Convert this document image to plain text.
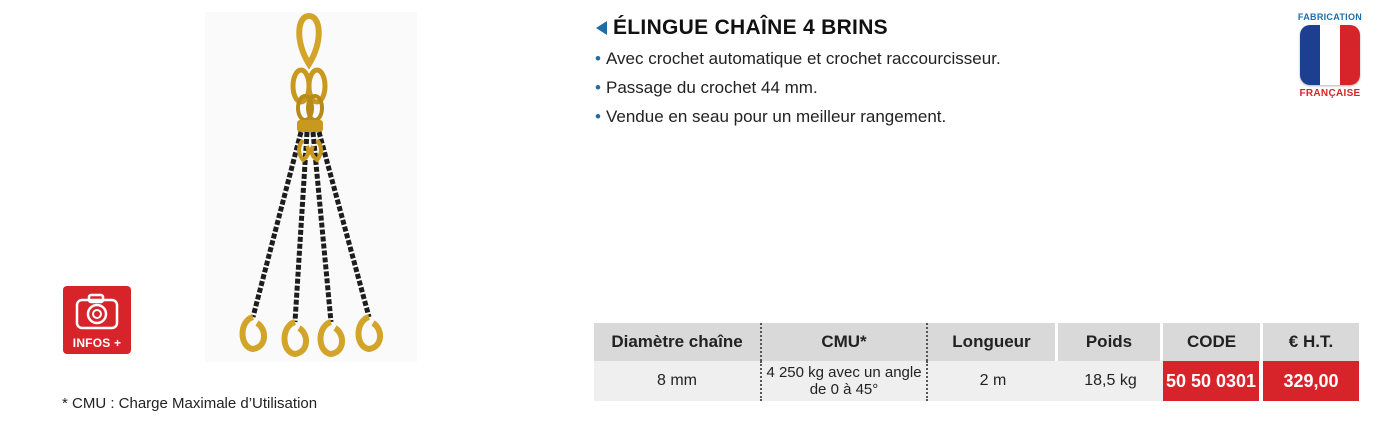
INFOS +
* CMU : Charge Maximale d’Utilisation
ÉLINGUE CHAÎNE 4 BRINS
• Avec crochet automatique et crochet raccourcisseur.
• Passage du crochet 44 mm.
• Vendue en seau pour un meilleur rangement.
FABRICATION
FRANÇAISE
Diamètre chaîne	CMU*	Longueur	Poids	CODE	€ H.T.
8 mm	4 250 kg avec un angle
de 0 à 45°	2 m	18,5 kg	50 50 0301	329,00
